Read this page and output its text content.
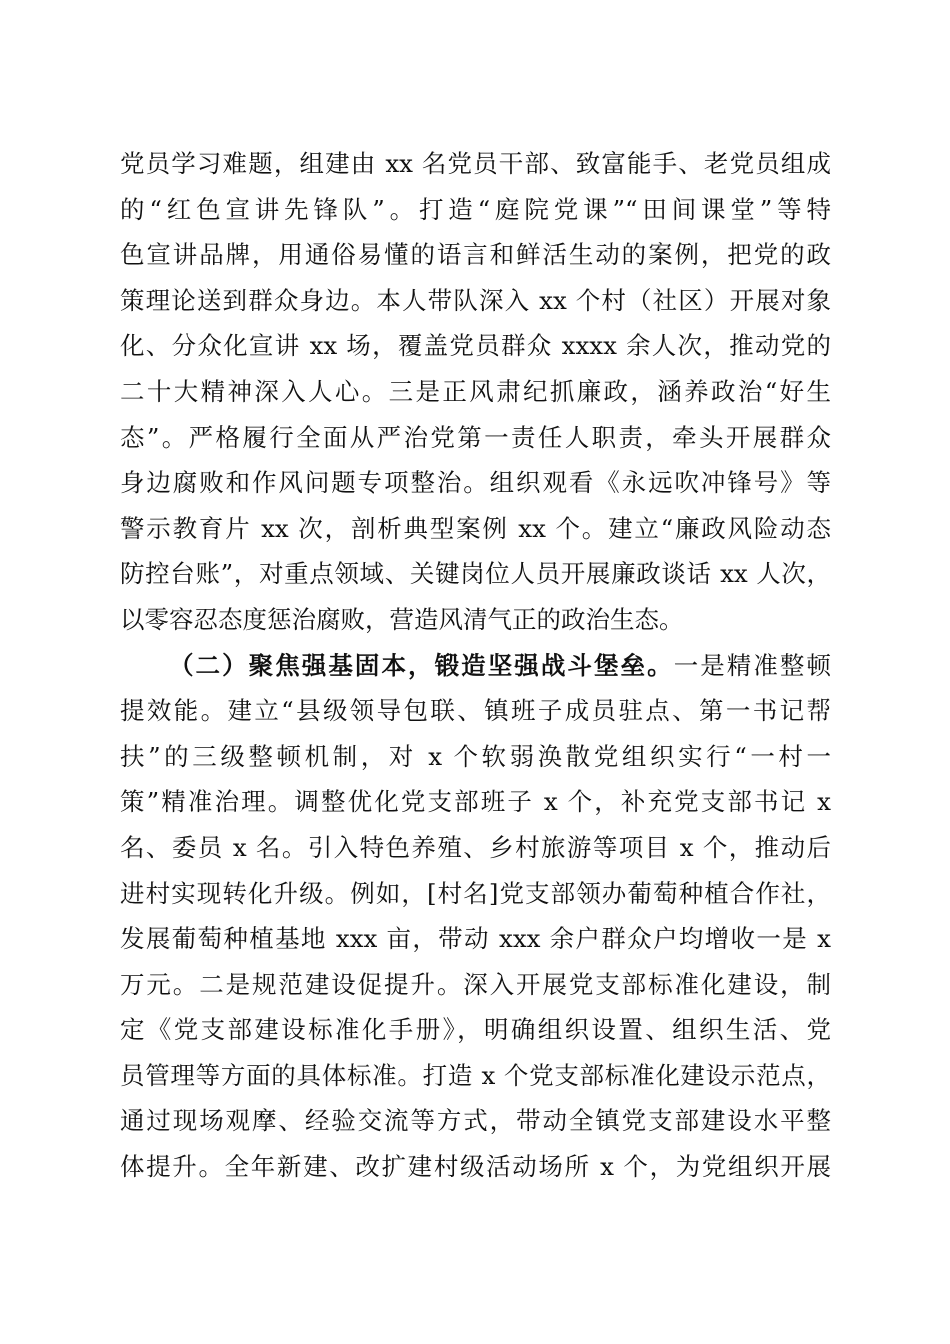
党员学习难题，组建由 xx 名党员干部、致富能手、老党员组成
的“红色宣讲先锋队”。打造“庭院党课”“田间课堂”等特
色宣讲品牌，用通俗易懂的语言和鲜活生动的案例，把党的政
策理论送到群众身边。本人带队深入 xx 个村（社区）开展对象
化、分众化宣讲 xx 场，覆盖党员群众 xxxx 余人次，推动党的
二十大精神深入人心。三是正风肃纪抓廉政，涵养政治“好生
态”。严格履行全面从严治党第一责任人职责，牵头开展群众
身边腐败和作风问题专项整治。组织观看《永远吹冲锋号》等
警示教育片 xx 次，剖析典型案例 xx 个。建立“廉政风险动态
防控台账”，对重点领域、关键岗位人员开展廉政谈话 xx 人次，
以零容忍态度惩治腐败，营造风清气正的政治生态。
（二）聚焦强基固本，锻造坚强战斗堡垒。一是精准整顿
提效能。建立“县级领导包联、镇班子成员驻点、第一书记帮
扶”的三级整顿机制，对 x 个软弱涣散党组织实行“一村一
策”精准治理。调整优化党支部班子 x 个，补充党支部书记 x
名、委员 x 名。引入特色养殖、乡村旅游等项目 x 个，推动后
进村实现转化升级。例如，[村名]党支部领办葡萄种植合作社，
发展葡萄种植基地 xxx 亩，带动 xxx 余户群众户均增收一是 x
万元。二是规范建设促提升。深入开展党支部标准化建设，制
定《党支部建设标准化手册》，明确组织设置、组织生活、党
员管理等方面的具体标准。打造 x 个党支部标准化建设示范点，
通过现场观摩、经验交流等方式，带动全镇党支部建设水平整
体提升。全年新建、改扩建村级活动场所 x 个，为党组织开展
